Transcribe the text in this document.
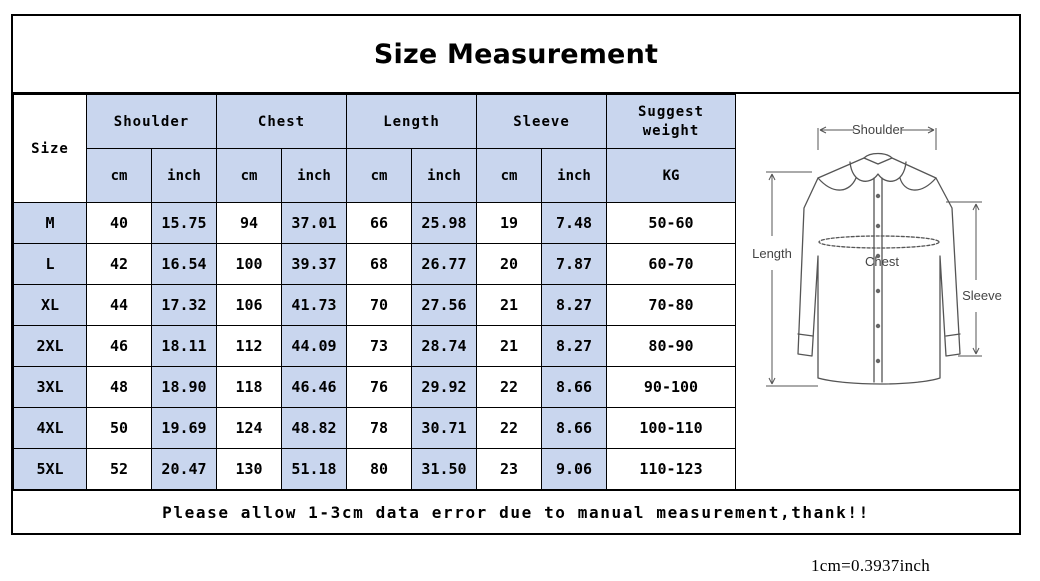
Size Measurement
Size	Shoulder		Chest		Length		Sleeve		Suggest weight
	cm	inch	cm	inch	cm	inch	cm	inch	KG
M	40	15.75	94	37.01	66	25.98	19	7.48	50-60
L	42	16.54	100	39.37	68	26.77	20	7.87	60-70
XL	44	17.32	106	41.73	70	27.56	21	8.27	70-80
2XL	46	18.11	112	44.09	73	28.74	21	8.27	80-90
3XL	48	18.90	118	46.46	76	29.92	22	8.66	90-100
4XL	50	19.69	124	48.82	78	30.71	22	8.66	100-110
5XL	52	20.47	130	51.18	80	31.50	23	9.06	110-123
Shoulder
Length
Chest
Sleeve
Please allow 1-3cm data error due to manual measurement,thank!!
1cm=0.3937inch
